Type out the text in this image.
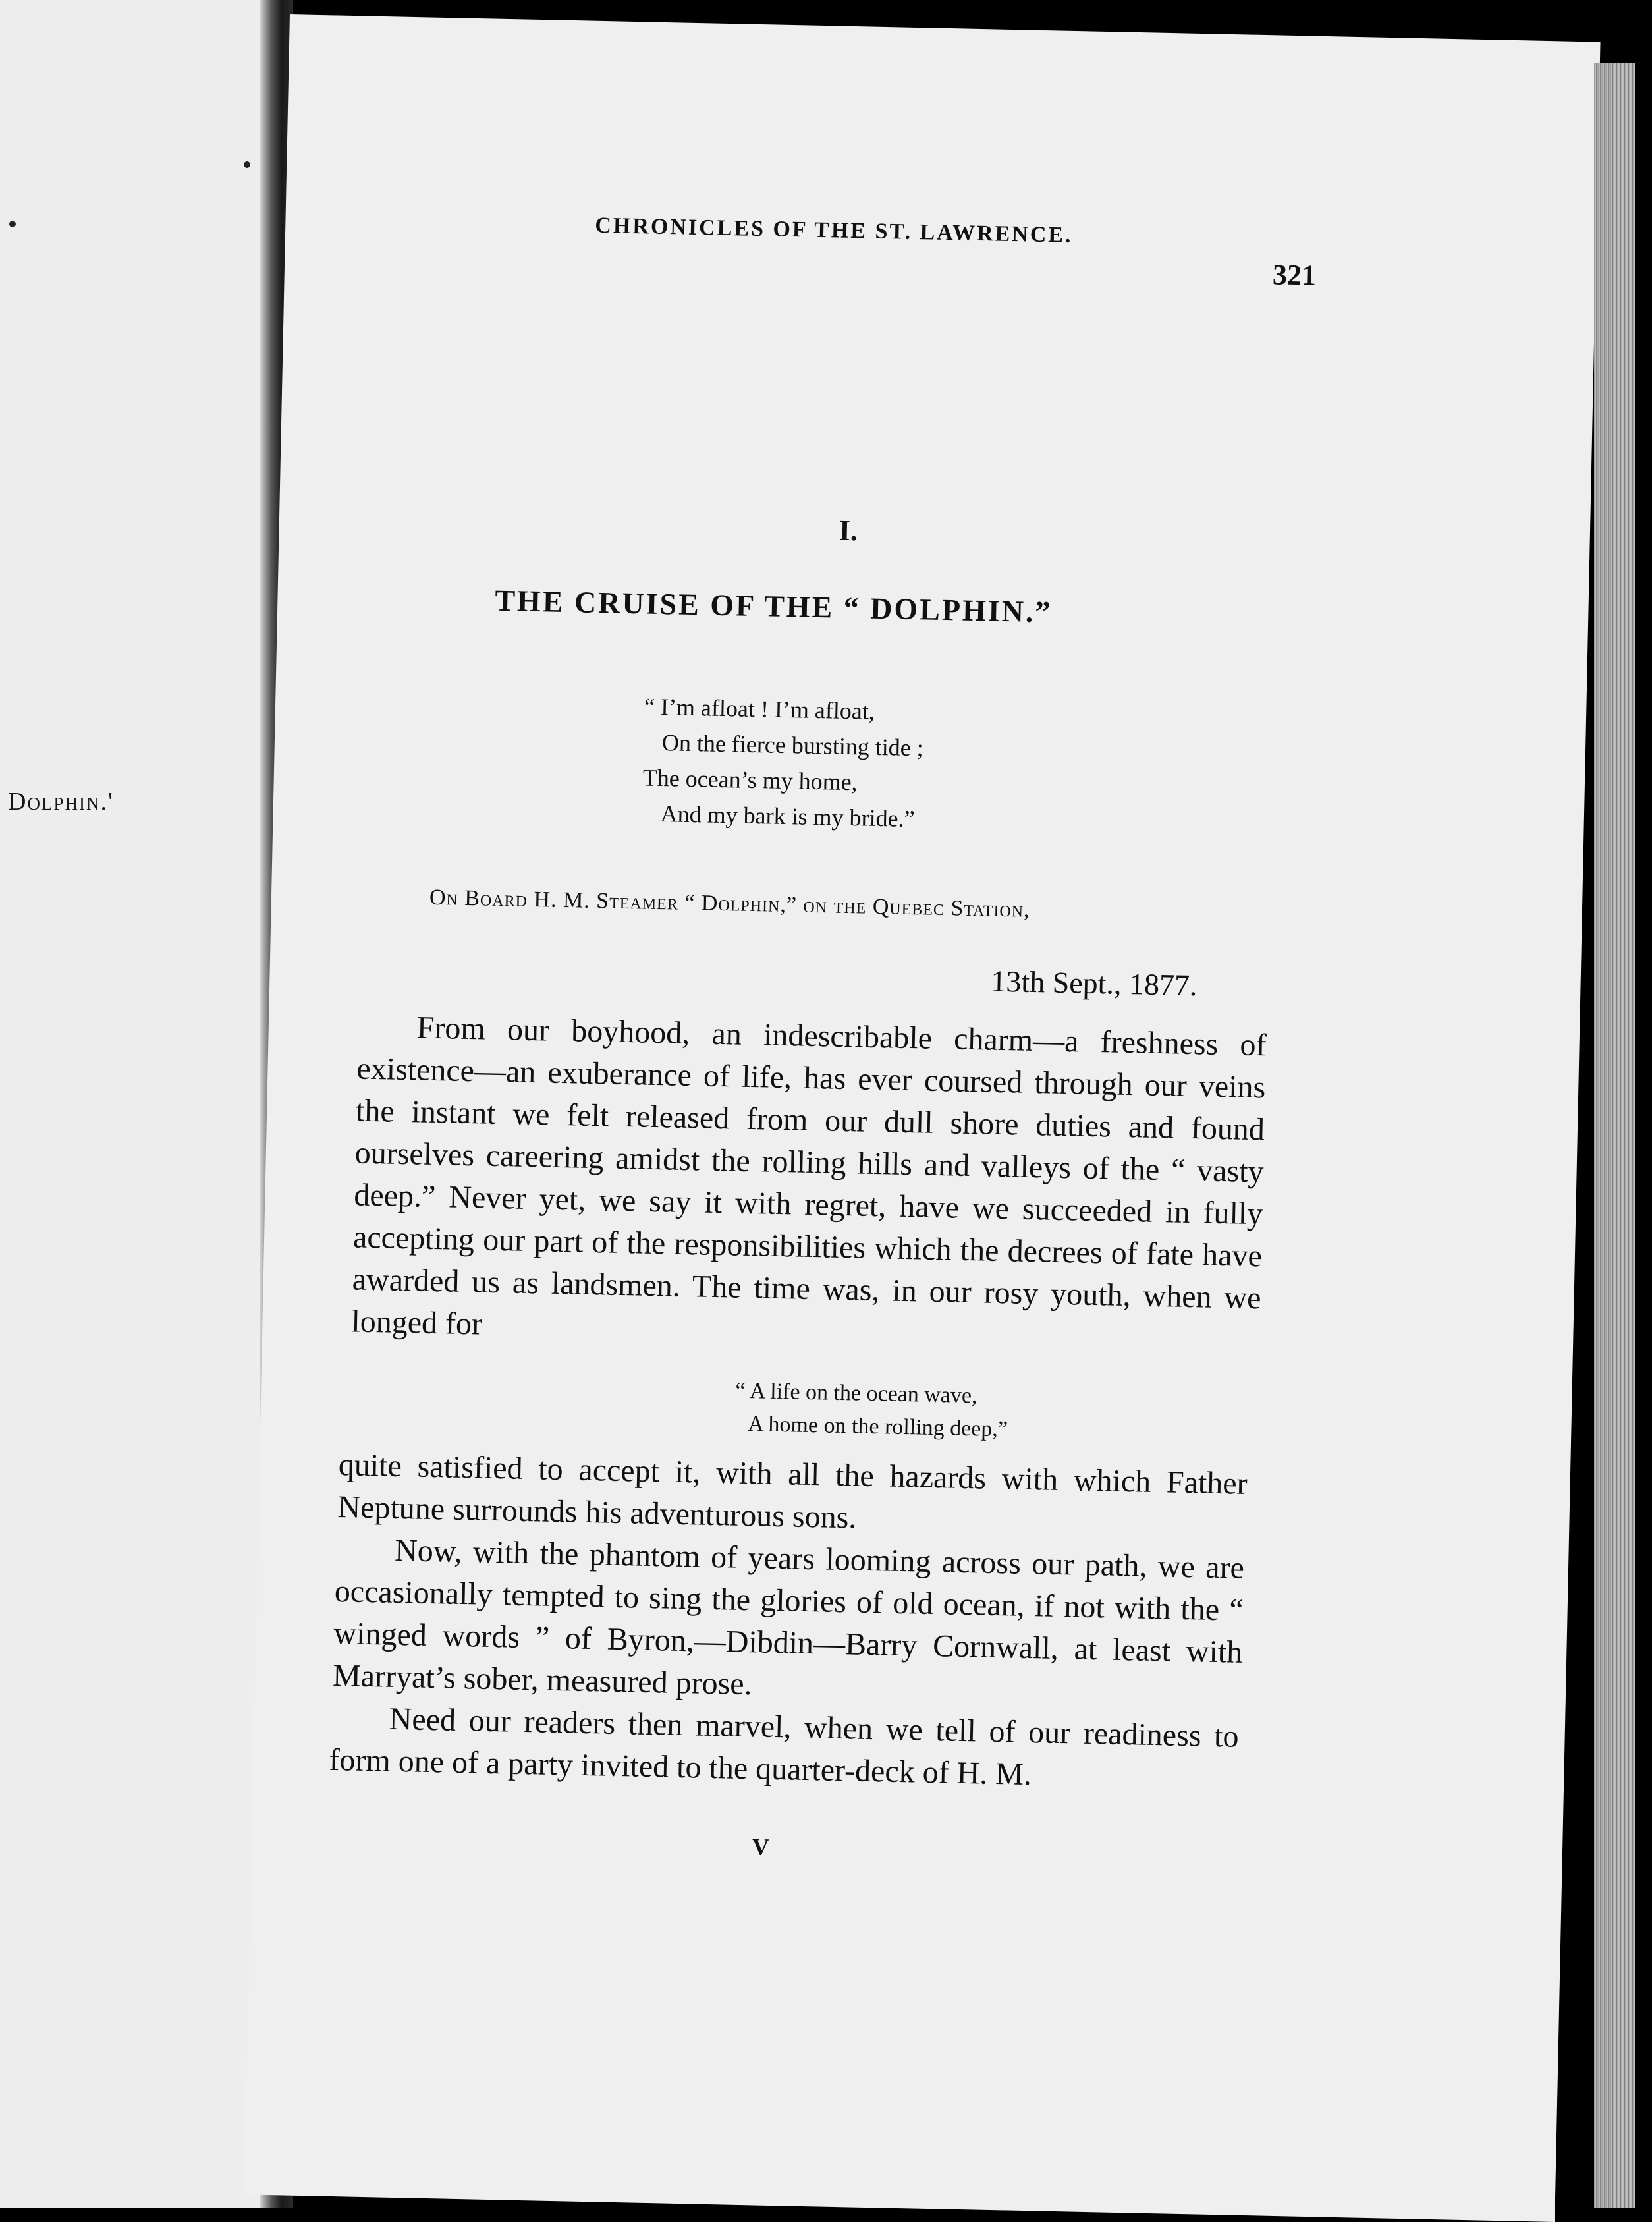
Dolphin.'
CHRONICLES OF THE ST. LAWRENCE.
321
I.
THE CRUISE OF THE “ DOLPHIN.”
“ I’m afloat ! I’m afloat,
On the fierce bursting tide ;
The ocean’s my home,
And my bark is my bride.”
On Board H. M. Steamer “ Dolphin,” on the Quebec Station,
13th Sept., 1877.
From our boyhood, an indescribable charm—a freshness of existence—an exuberance of life, has ever coursed through our veins the instant we felt released from our dull shore duties and found ourselves careering amidst the rolling hills and valleys of the “ vasty deep.” Never yet, we say it with regret, have we succeeded in fully accepting our part of the responsibilities which the decrees of fate have awarded us as landsmen. The time was, in our rosy youth, when we longed for
“ A life on the ocean wave,
A home on the rolling deep,”
quite satisfied to accept it, with all the hazards with which Father Neptune surrounds his adventurous sons.
Now, with the phantom of years looming across our path, we are occasionally tempted to sing the glories of old ocean, if not with the “ winged words ” of Byron,—Dibdin—Barry Cornwall, at least with Marryat’s sober, measured prose.
Need our readers then marvel, when we tell of our readiness to form one of a party invited to the quarter-deck of H. M.
V
